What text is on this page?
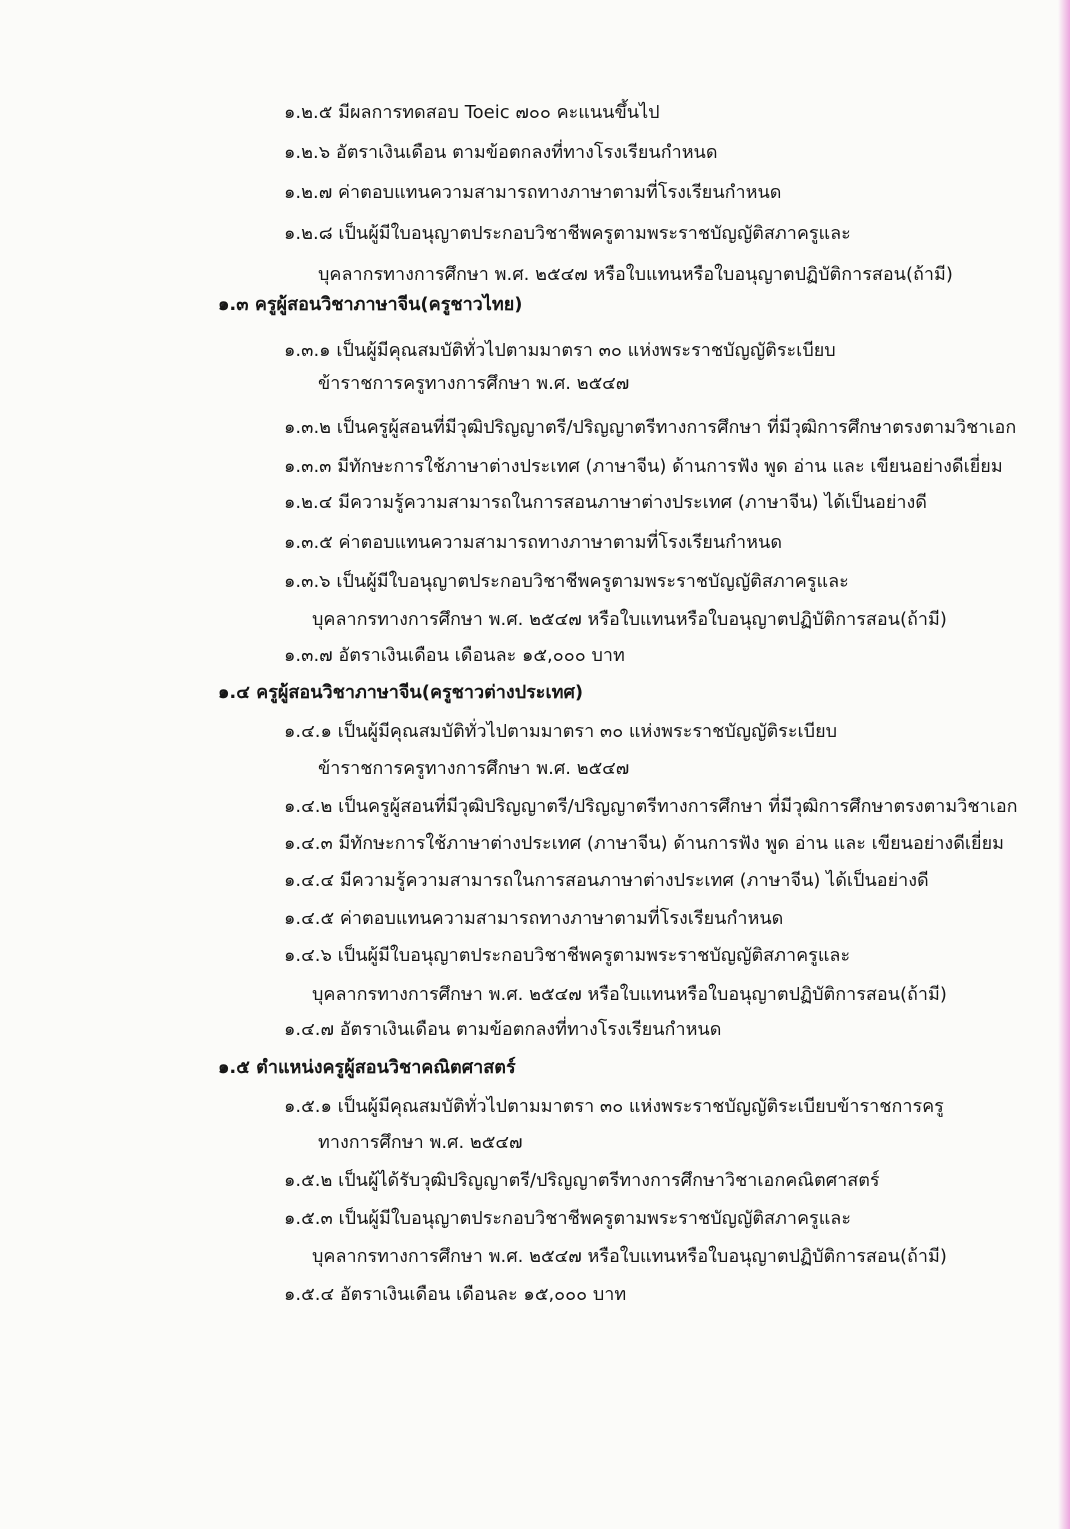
๑.๒.๕ มีผลการทดสอบ Toeic ๗๐๐ คะแนนขึ้นไป
๑.๒.๖ อัตราเงินเดือน ตามข้อตกลงที่ทางโรงเรียนกำหนด
๑.๒.๗ ค่าตอบแทนความสามารถทางภาษาตามที่โรงเรียนกำหนด
๑.๒.๘ เป็นผู้มีใบอนุญาตประกอบวิชาชีพครูตามพระราชบัญญัติสภาครูและ
บุคลากรทางการศึกษา พ.ศ. ๒๕๔๗ หรือใบแทนหรือใบอนุญาตปฏิบัติการสอน(ถ้ามี)
๑.๓ ครูผู้สอนวิชาภาษาจีน(ครูชาวไทย)
๑.๓.๑ เป็นผู้มีคุณสมบัติทั่วไปตามมาตรา ๓๐ แห่งพระราชบัญญัติระเบียบ
ข้าราชการครูทางการศึกษา พ.ศ. ๒๕๔๗
๑.๓.๒ เป็นครูผู้สอนที่มีวุฒิปริญญาตรี/ปริญญาตรีทางการศึกษา ที่มีวุฒิการศึกษาตรงตามวิชาเอก
๑.๓.๓ มีทักษะการใช้ภาษาต่างประเทศ (ภาษาจีน) ด้านการฟัง พูด อ่าน และ เขียนอย่างดีเยี่ยม
๑.๒.๔ มีความรู้ความสามารถในการสอนภาษาต่างประเทศ (ภาษาจีน) ได้เป็นอย่างดี
๑.๓.๕ ค่าตอบแทนความสามารถทางภาษาตามที่โรงเรียนกำหนด
๑.๓.๖ เป็นผู้มีใบอนุญาตประกอบวิชาชีพครูตามพระราชบัญญัติสภาครูและ
บุคลากรทางการศึกษา พ.ศ. ๒๕๔๗ หรือใบแทนหรือใบอนุญาตปฏิบัติการสอน(ถ้ามี)
๑.๓.๗ อัตราเงินเดือน เดือนละ ๑๕,๐๐๐ บาท
๑.๔ ครูผู้สอนวิชาภาษาจีน(ครูชาวต่างประเทศ)
๑.๔.๑ เป็นผู้มีคุณสมบัติทั่วไปตามมาตรา ๓๐ แห่งพระราชบัญญัติระเบียบ
ข้าราชการครูทางการศึกษา พ.ศ. ๒๕๔๗
๑.๔.๒ เป็นครูผู้สอนที่มีวุฒิปริญญาตรี/ปริญญาตรีทางการศึกษา ที่มีวุฒิการศึกษาตรงตามวิชาเอก
๑.๔.๓ มีทักษะการใช้ภาษาต่างประเทศ (ภาษาจีน) ด้านการฟัง พูด อ่าน และ เขียนอย่างดีเยี่ยม
๑.๔.๔ มีความรู้ความสามารถในการสอนภาษาต่างประเทศ (ภาษาจีน) ได้เป็นอย่างดี
๑.๔.๕ ค่าตอบแทนความสามารถทางภาษาตามที่โรงเรียนกำหนด
๑.๔.๖ เป็นผู้มีใบอนุญาตประกอบวิชาชีพครูตามพระราชบัญญัติสภาครูและ
บุคลากรทางการศึกษา พ.ศ. ๒๕๔๗ หรือใบแทนหรือใบอนุญาตปฏิบัติการสอน(ถ้ามี)
๑.๔.๗ อัตราเงินเดือน ตามข้อตกลงที่ทางโรงเรียนกำหนด
๑.๕ ตำแหน่งครูผู้สอนวิชาคณิตศาสตร์
๑.๕.๑ เป็นผู้มีคุณสมบัติทั่วไปตามมาตรา ๓๐ แห่งพระราชบัญญัติระเบียบข้าราชการครู
ทางการศึกษา พ.ศ. ๒๕๔๗
๑.๕.๒ เป็นผู้ได้รับวุฒิปริญญาตรี/ปริญญาตรีทางการศึกษาวิชาเอกคณิตศาสตร์
๑.๕.๓ เป็นผู้มีใบอนุญาตประกอบวิชาชีพครูตามพระราชบัญญัติสภาครูและ
บุคลากรทางการศึกษา พ.ศ. ๒๕๔๗ หรือใบแทนหรือใบอนุญาตปฏิบัติการสอน(ถ้ามี)
๑.๕.๔ อัตราเงินเดือน เดือนละ ๑๕,๐๐๐ บาท
